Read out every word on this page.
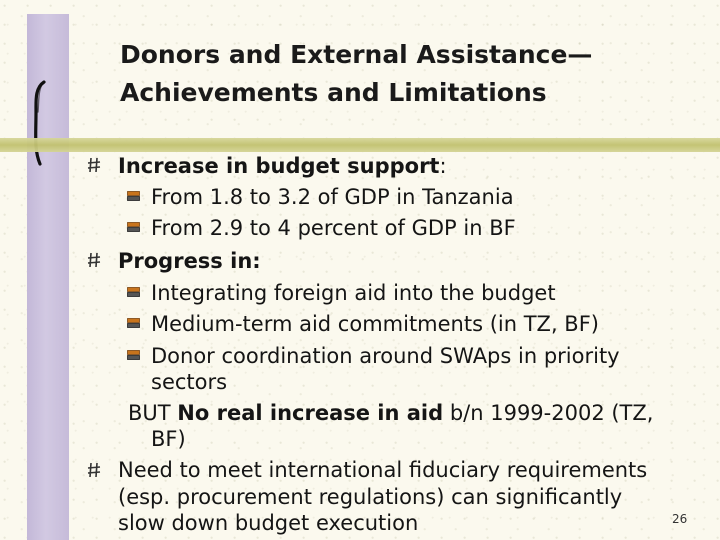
Donors and External Assistance—
Achievements and Limitations
Increase in budget support:
From 1.8 to 3.2 of GDP in Tanzania
From 2.9 to 4 percent of GDP in BF
Progress in:
Integrating foreign aid into the budget
Medium-term aid commitments (in TZ, BF)
Donor coordination around SWAps in priority
sectors
BUT No real increase in aid b/n 1999-2002 (TZ,
BF)
Need to meet international fiduciary requirements
(esp. procurement regulations) can significantly
slow down budget execution	26
